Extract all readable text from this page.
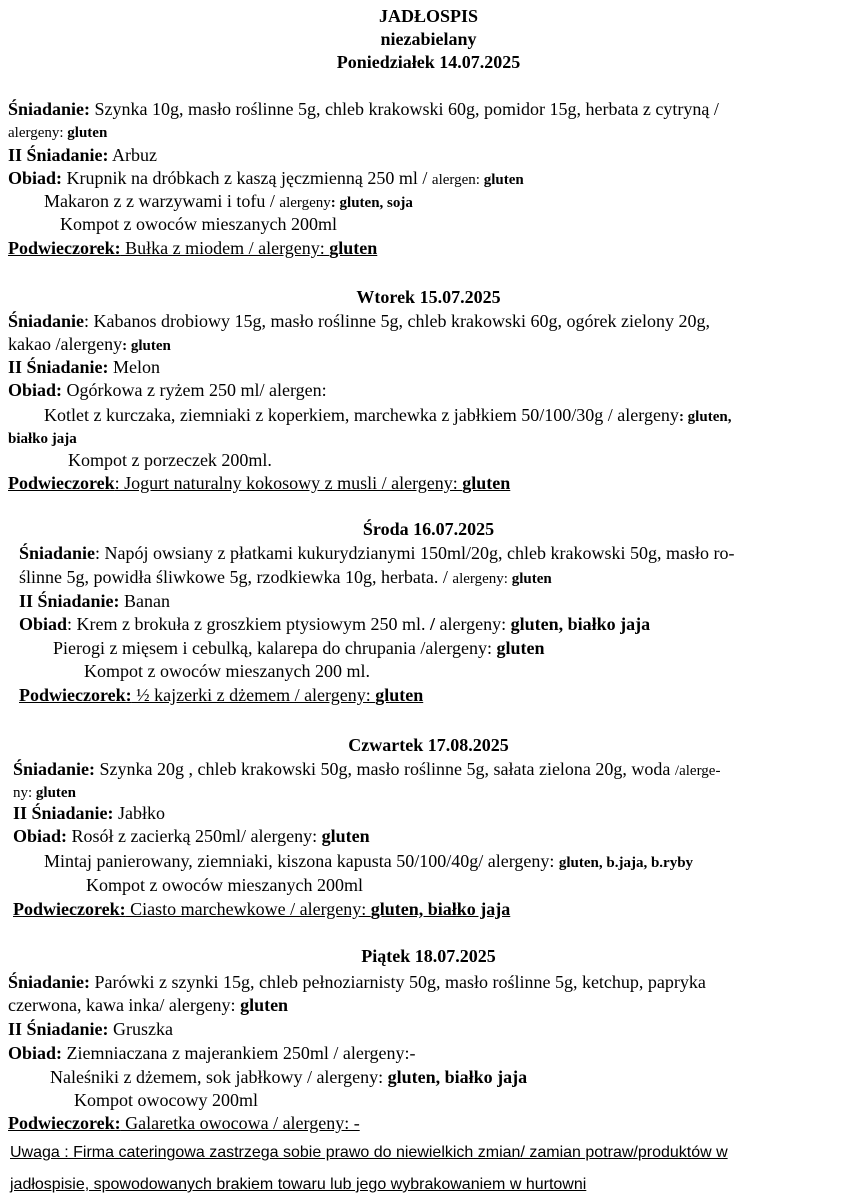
JADŁOSPIS
niezabielany
Poniedziałek 14.07.2025
Śniadanie: Szynka 10g, masło roślinne 5g, chleb krakowski 60g, pomidor 15g, herbata z cytryną /
alergeny: gluten
II Śniadanie: Arbuz
Obiad: Krupnik na dróbkach z kaszą jęczmienną 250 ml / alergen: gluten
Makaron z z warzywami i tofu / alergeny: gluten, soja
Kompot z owoców mieszanych 200ml
Podwieczorek: Bułka z miodem / alergeny: gluten
Wtorek 15.07.2025
Śniadanie: Kabanos drobiowy 15g, masło roślinne 5g, chleb krakowski 60g, ogórek zielony 20g,
kakao /alergeny: gluten
II Śniadanie: Melon
Obiad: Ogórkowa z ryżem 250 ml/ alergen:
Kotlet z kurczaka, ziemniaki z koperkiem, marchewka z jabłkiem 50/100/30g / alergeny: gluten,
białko jaja
Kompot z porzeczek 200ml.
Podwieczorek: Jogurt naturalny kokosowy z musli / alergeny: gluten
Środa 16.07.2025
Śniadanie: Napój owsiany z płatkami kukurydzianymi 150ml/20g, chleb krakowski 50g, masło ro-
ślinne 5g, powidła śliwkowe 5g, rzodkiewka 10g, herbata. / alergeny: gluten
II Śniadanie: Banan
Obiad: Krem z brokuła z groszkiem ptysiowym 250 ml. / alergeny: gluten, białko jaja
Pierogi z mięsem i cebulką, kalarepa do chrupania /alergeny: gluten
Kompot z owoców mieszanych 200 ml.
Podwieczorek: ½ kajzerki z dżemem / alergeny: gluten
Czwartek 17.08.2025
Śniadanie: Szynka 20g , chleb krakowski 50g, masło roślinne 5g, sałata zielona 20g, woda /alerge-
ny: gluten
II Śniadanie: Jabłko
Obiad: Rosół z zacierką 250ml/ alergeny: gluten
Mintaj panierowany, ziemniaki, kiszona kapusta 50/100/40g/ alergeny: gluten, b.jaja, b.ryby
Kompot z owoców mieszanych 200ml
Podwieczorek: Ciasto marchewkowe / alergeny: gluten, białko jaja
Piątek 18.07.2025
Śniadanie: Parówki z szynki 15g, chleb pełnoziarnisty 50g, masło roślinne 5g, ketchup, papryka
czerwona, kawa inka/ alergeny: gluten
II Śniadanie: Gruszka
Obiad: Ziemniaczana z majerankiem 250ml / alergeny:-
Naleśniki z dżemem, sok jabłkowy / alergeny: gluten, białko jaja
Kompot owocowy 200ml
Podwieczorek: Galaretka owocowa / alergeny: -
Uwaga : Firma cateringowa zastrzega sobie prawo do niewielkich zmian/ zamian potraw/produktów w
jadłospisie, spowodowanych brakiem towaru lub jego wybrakowaniem w hurtowni
